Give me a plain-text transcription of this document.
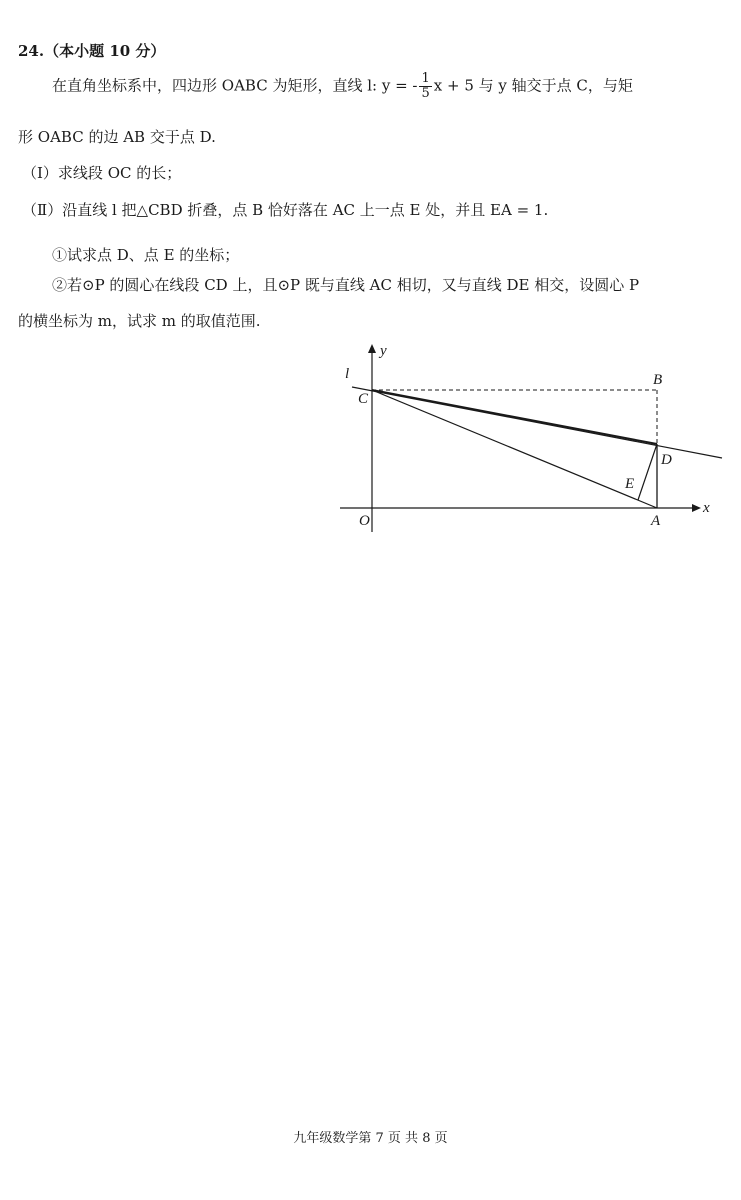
24.（本小题 10 分）
在直角坐标系中，四边形 OABC 为矩形，直线 l: y = - $\frac{1}{5}$ x + 5 与 y 轴交于点 C，与矩
形 OABC 的边 AB 交于点 D.
（Ⅰ）求线段 OC 的长；
（Ⅱ）沿直线 l 把△CBD 折叠，点 B 恰好落在 AC 上一点 E 处，并且 EA = 1.
①试求点 D、点 E 的坐标；
②若⊙P 的圆心在线段 CD 上，且⊙P 既与直线 AC 相切，又与直线 DE 相交，设圆心 P
的横坐标为 m，试求 m 的取值范围.
y
x
l
O	A
B
C
D
E
九年级数学第 7 页 共 8 页
